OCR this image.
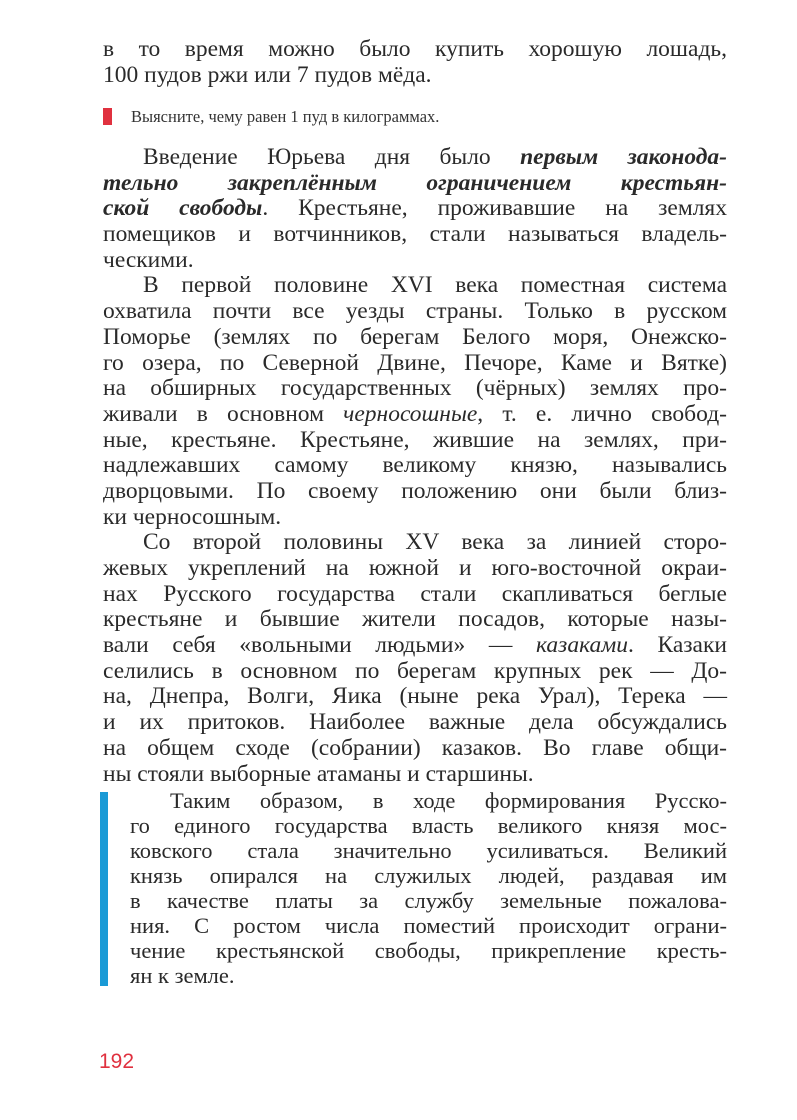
в то время можно было купить хорошую лошадь,
100 пудов ржи или 7 пудов мёда.
Выясните, чему равен 1 пуд в килограммах.
Введение Юрьева дня было первым законода-
тельно закреплённым ограничением крестьян-
ской свободы. Крестьяне, проживавшие на землях
помещиков и вотчинников, стали называться владель-
ческими.
В первой половине XVI века поместная система
охватила почти все уезды страны. Только в русском
Поморье (землях по берегам Белого моря, Онежско-
го озера, по Северной Двине, Печоре, Каме и Вятке)
на обширных государственных (чёрных) землях про-
живали в основном черносошные, т. е. лично свобод-
ные, крестьяне. Крестьяне, жившие на землях, при-
надлежавших самому великому князю, назывались
дворцовыми. По своему положению они были близ-
ки черносошным.
Со второй половины XV века за линией сторо-
жевых укреплений на южной и юго-восточной окраи-
нах Русского государства стали скапливаться беглые
крестьяне и бывшие жители посадов, которые назы-
вали себя «вольными людьми» — казаками. Казаки
селились в основном по берегам крупных рек — До-
на, Днепра, Волги, Яика (ныне река Урал), Терека —
и их притоков. Наиболее важные дела обсуждались
на общем сходе (собрании) казаков. Во главе общи-
ны стояли выборные атаманы и старшины.
Таким образом, в ходе формирования Русско-
го единого государства власть великого князя мос-
ковского стала значительно усиливаться. Великий
князь опирался на служилых людей, раздавая им
в качестве платы за службу земельные пожалова-
ния. С ростом числа поместий происходит ограни-
чение крестьянской свободы, прикрепление кресть-
ян к земле.
192
